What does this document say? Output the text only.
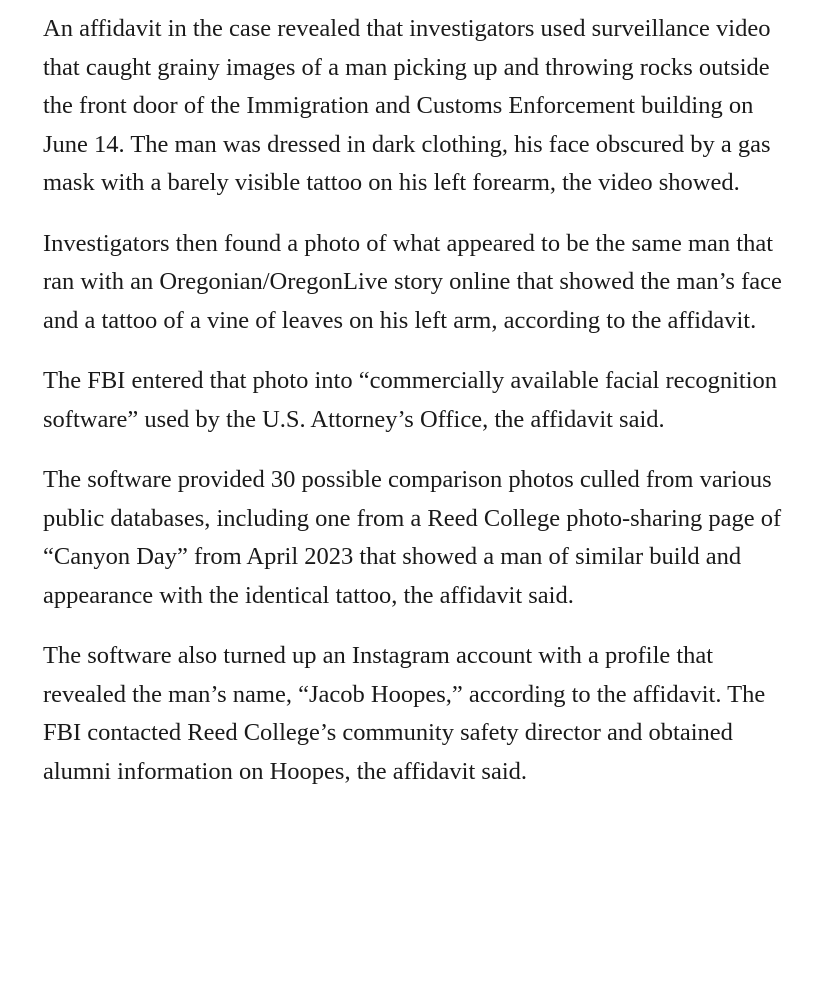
An affidavit in the case revealed that investigators used surveillance video that caught grainy images of a man picking up and throwing rocks outside the front door of the Immigration and Customs Enforcement building on June 14. The man was dressed in dark clothing, his face obscured by a gas mask with a barely visible tattoo on his left forearm, the video showed.

Investigators then found a photo of what appeared to be the same man that ran with an Oregonian/OregonLive story online that showed the man’s face and a tattoo of a vine of leaves on his left arm, according to the affidavit.

The FBI entered that photo into “commercially available facial recognition software” used by the U.S. Attorney’s Office, the affidavit said.

The software provided 30 possible comparison photos culled from various public databases, including one from a Reed College photo-sharing page of “Canyon Day” from April 2023 that showed a man of similar build and appearance with the identical tattoo, the affidavit said.

The software also turned up an Instagram account with a profile that revealed the man’s name, “Jacob Hoopes,” according to the affidavit. The FBI contacted Reed College’s community safety director and obtained alumni information on Hoopes, the affidavit said.
